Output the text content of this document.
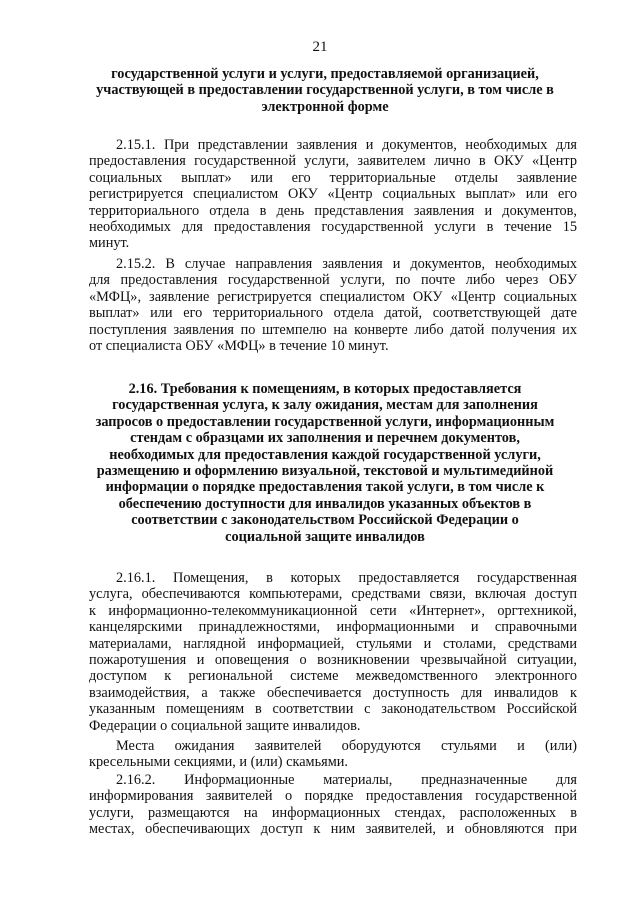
21
государственной услуги и услуги, предоставляемой организацией,
участвующей в предоставлении государственной услуги, в том числе в
электронной форме
2.15.1. При представлении заявления и документов, необходимых для
предоставления государственной услуги, заявителем лично в ОКУ «Центр
социальных выплат» или его территориальные отделы заявление
регистрируется специалистом ОКУ «Центр социальных выплат» или его
территориального отдела в день представления заявления и документов,
необходимых для предоставления государственной услуги в течение 15
минут.
2.15.2. В случае направления заявления и документов, необходимых
для предоставления государственной услуги, по почте либо через ОБУ
«МФЦ», заявление регистрируется специалистом ОКУ «Центр социальных
выплат» или его территориального отдела датой, соответствующей дате
поступления заявления по штемпелю на конверте либо датой получения их
от специалиста ОБУ «МФЦ» в течение 10 минут.
2.16. Требования к помещениям, в которых предоставляется
государственная услуга, к залу ожидания, местам для заполнения
запросов о предоставлении государственной услуги, информационным
стендам с образцами их заполнения и перечнем документов,
необходимых для предоставления каждой государственной услуги,
размещению и оформлению визуальной, текстовой и мультимедийной
информации о порядке предоставления такой услуги, в том числе к
обеспечению доступности для инвалидов указанных объектов в
соответствии с законодательством Российской Федерации о
социальной защите инвалидов
2.16.1. Помещения, в которых предоставляется государственная
услуга, обеспечиваются компьютерами, средствами связи, включая доступ
к информационно-телекоммуникационной сети «Интернет», оргтехникой,
канцелярскими принадлежностями, информационными и справочными
материалами, наглядной информацией, стульями и столами, средствами
пожаротушения и оповещения о возникновении чрезвычайной ситуации,
доступом к региональной системе межведомственного электронного
взаимодействия, а также обеспечивается доступность для инвалидов к
указанным помещениям в соответствии с законодательством Российской
Федерации о социальной защите инвалидов.
Места ожидания заявителей оборудуются стульями и (или)
кресельными секциями, и (или) скамьями.
2.16.2. Информационные материалы, предназначенные для
информирования заявителей о порядке предоставления государственной
услуги, размещаются на информационных стендах, расположенных в
местах, обеспечивающих доступ к ним заявителей, и обновляются при
